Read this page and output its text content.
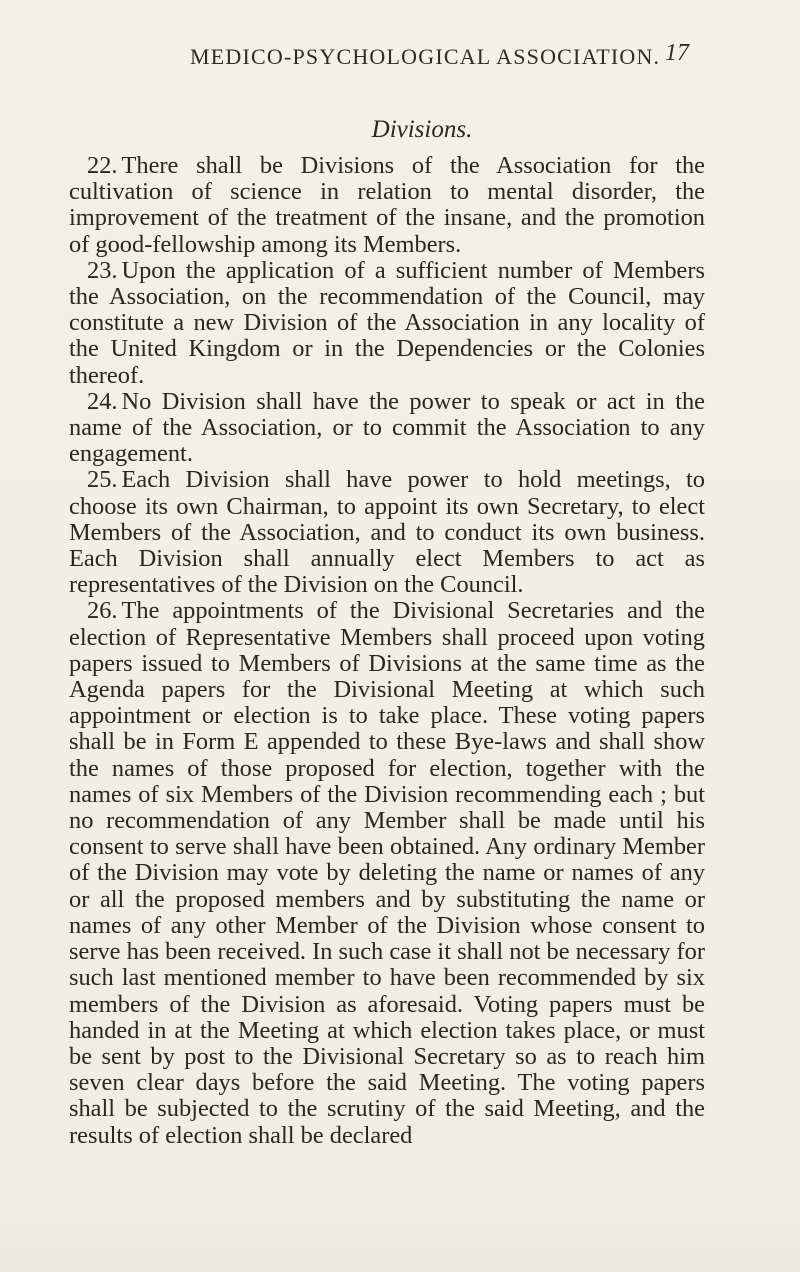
MEDICO-PSYCHOLOGICAL ASSOCIATION. 17
Divisions.

22. There shall be Divisions of the Association for the cultivation of science in relation to mental disorder, the improvement of the treatment of the insane, and the promotion of good-fellowship among its Members.

23. Upon the application of a sufficient number of Members the Association, on the recommendation of the Council, may constitute a new Division of the Association in any locality of the United Kingdom or in the Dependencies or the Colonies thereof.

24. No Division shall have the power to speak or act in the name of the Association, or to commit the Association to any engagement.

25. Each Division shall have power to hold meetings, to choose its own Chairman, to appoint its own Secretary, to elect Members of the Association, and to conduct its own business. Each Division shall annually elect Members to act as representatives of the Division on the Council.

26. The appointments of the Divisional Secretaries and the election of Representative Members shall proceed upon voting papers issued to Members of Divisions at the same time as the Agenda papers for the Divisional Meeting at which such appointment or election is to take place. These voting papers shall be in Form E appended to these Bye-laws and shall show the names of those proposed for election, together with the names of six Members of the Division recommending each ; but no recommendation of any Member shall be made until his consent to serve shall have been obtained. Any ordinary Member of the Division may vote by deleting the name or names of any or all the proposed members and by substituting the name or names of any other Member of the Division whose consent to serve has been received. In such case it shall not be necessary for such last mentioned member to have been recommended by six members of the Division as aforesaid. Voting papers must be handed in at the Meeting at which election takes place, or must be sent by post to the Divisional Secretary so as to reach him seven clear days before the said Meeting. The voting papers shall be subjected to the scrutiny of the said Meeting, and the results of election shall be declared
